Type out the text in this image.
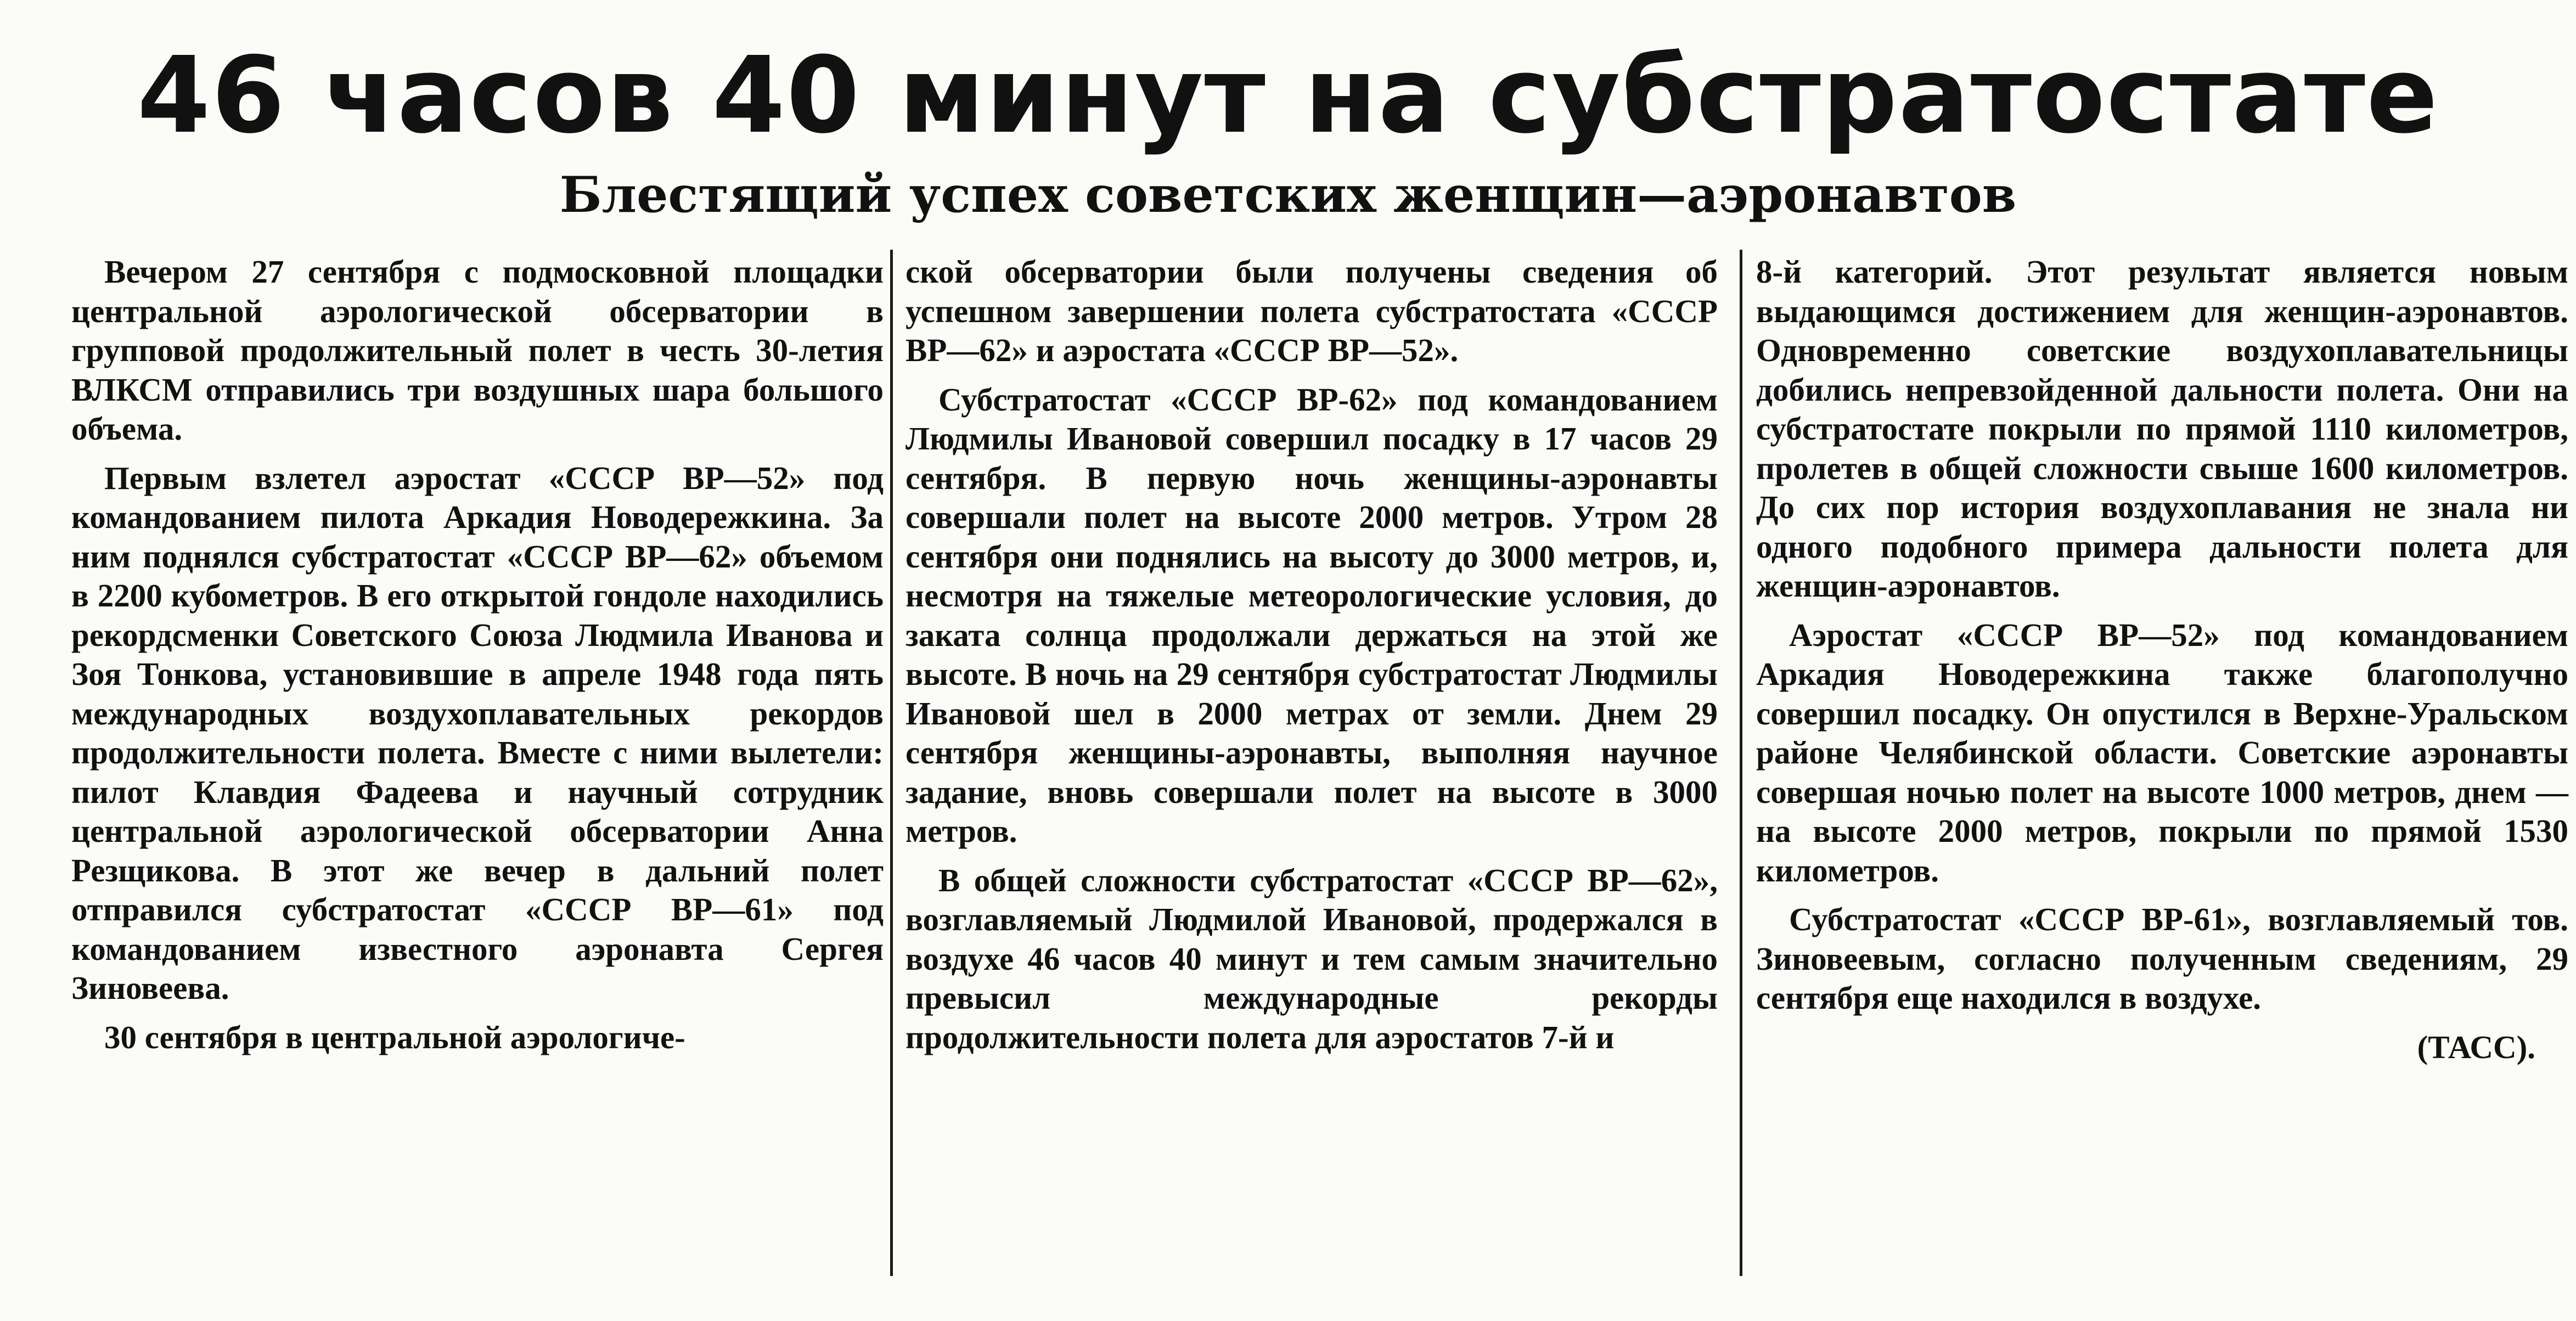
46 часов 40 минут на субстратостате
Блестящий успех советских женщин—аэронавтов

Вечером 27 сентября с подмосковной площадки центральной аэрологической обсерватории в групповой продолжительный полет в честь 30-летия ВЛКСМ отправились три воздушных шара большого объема.

Первым взлетел аэростат «СССР ВР—52» под командованием пилота Аркадия Новодережкина. За ним поднялся субстратостат «СССР ВР—62» объемом в 2200 кубометров. В его открытой гондоле находились рекордсменки Советского Союза Людмила Иванова и Зоя Тонкова, установившие в апреле 1948 года пять международных воздухоплавательных рекордов продолжительности полета. Вместе с ними вылетели: пилот Клавдия Фадеева и научный сотрудник центральной аэрологической обсерватории Анна Резщикова. В этот же вечер в дальний полет отправился субстратостат «СССР ВР—61» под командованием известного аэронавта Сергея Зиновеева.

30 сентября в центральной аэрологиче-

ской обсерватории были получены сведения об успешном завершении полета субстратостата «СССР ВР—62» и аэростата «СССР ВР—52».

Субстратостат «СССР ВР-62» под командованием Людмилы Ивановой совершил посадку в 17 часов 29 сентября. В первую ночь женщины-аэронавты совершали полет на высоте 2000 метров. Утром 28 сентября они поднялись на высоту до 3000 метров, и, несмотря на тяжелые метеорологические условия, до заката солнца продолжали держаться на этой же высоте. В ночь на 29 сентября субстратостат Людмилы Ивановой шел в 2000 метрах от земли. Днем 29 сентября женщины-аэронавты, выполняя научное задание, вновь совершали полет на высоте в 3000 метров.

В общей сложности субстратостат «СССР ВР—62», возглавляемый Людмилой Ивановой, продержался в воздухе 46 часов 40 минут и тем самым значительно превысил международные рекорды продолжительности полета для аэростатов 7-й и

8-й категорий. Этот результат является новым выдающимся достижением для женщин-аэронавтов. Одновременно советские воздухоплавательницы добились непревзойденной дальности полета. Они на субстратостате покрыли по прямой 1110 километров, пролетев в общей сложности свыше 1600 километров. До сих пор история воздухоплавания не знала ни одного подобного примера дальности полета для женщин-аэронавтов.

Аэростат «СССР ВР—52» под командованием Аркадия Новодережкина также благополучно совершил посадку. Он опустился в Верхне-Уральском районе Челябинской области. Советские аэронавты совершая ночью полет на высоте 1000 метров, днем — на высоте 2000 метров, покрыли по прямой 1530 километров.

Субстратостат «СССР ВР-61», возглавляемый тов. Зиновеевым, согласно полученным сведениям, 29 сентября еще находился в воздухе.

(ТАСС).
